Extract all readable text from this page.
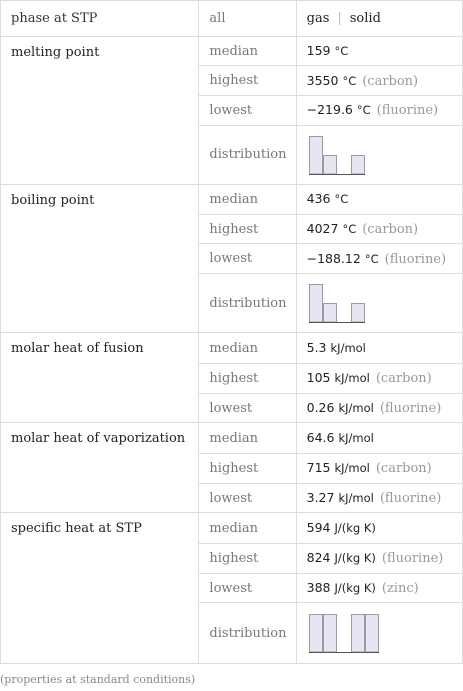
phase at STP	all	gas | solid
melting point	median	159 °C
	highest	3550 °C (carbon)
	lowest	−219.6 °C (fluorine)
	distribution	

boiling point	median	436 °C
	highest	4027 °C (carbon)
	lowest	−188.12 °C (fluorine)
	distribution	

molar heat of fusion	median	5.3 kJ/mol
	highest	105 kJ/mol (carbon)
	lowest	0.26 kJ/mol (fluorine)
molar heat of vaporization	median	64.6 kJ/mol
	highest	715 kJ/mol (carbon)
	lowest	3.27 kJ/mol (fluorine)
specific heat at STP	median	594 J/(kg K)
	highest	824 J/(kg K) (fluorine)
	lowest	388 J/(kg K) (zinc)
	distribution	
(properties at standard conditions)
